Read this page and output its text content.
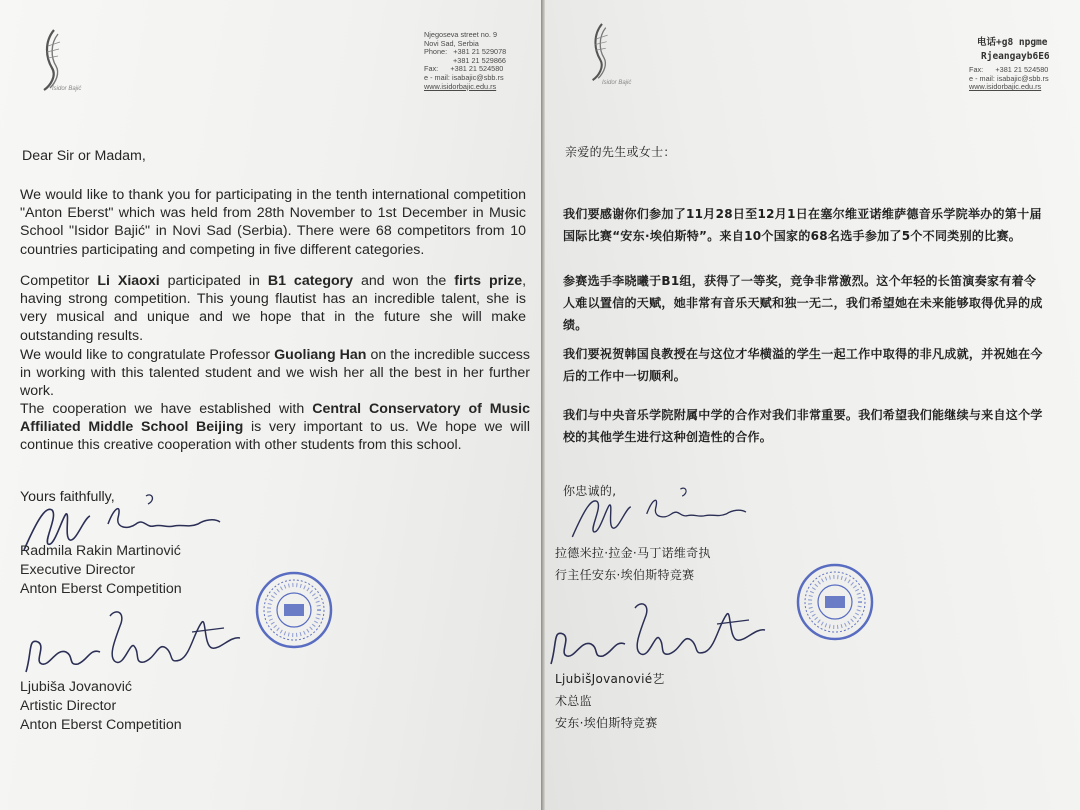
Isidor Bajić
Njegoseva street no. 9
Novi Sad, Serbia
Phone: +381 21 529078
+381 21 529866
Fax: +381 21 524580
e - mail: isabajic@sbb.rs
www.isidorbajic.edu.rs
Dear Sir or Madam,
We would like to thank you for participating in the tenth international competition "Anton Eberst" which was held from 28th November to 1st December in Music School "Isidor Bajić" in Novi Sad (Serbia). There were 68 competitors from 10 countries participating and competing in five different categories.
Competitor Li Xiaoxi participated in B1 category and won the firts prize, having strong competition. This young flautist has an incredible talent, she is very musical and unique and we hope that in the future she will make outstanding results.
We would like to congratulate Professor Guoliang Han on the incredible success in working with this talented student and we wish her all the best in her further work.
The cooperation we have established with Central Conservatory of Music Affiliated Middle School Beijing is very important to us. We hope we will continue this creative cooperation with other students from this school.
Yours faithfully,
Radmila Rakin Martinović
Executive Director
Anton Eberst Competition
Ljubiša Jovanović
Artistic Director
Anton Eberst Competition
Isidor Bajić
电话+g8 npgme
Rjeangayb6E6
Fax: +381 21 524580
e - mail: isabajic@sbb.rs
www.isidorbajic.edu.rs
亲爱的先生或女士：
我们要感谢你们参加了11月28日至12月1日在塞尔维亚诺维萨德音乐学院举办的第十届
国际比赛“安东·埃伯斯特”。来自10个国家的68名选手参加了5个不同类别的比赛。
参赛选手李晓曦于B1组，获得了一等奖，竞争非常激烈。这个年轻的长笛演奏家有着令
人难以置信的天赋，她非常有音乐天赋和独一无二，我们希望她在未来能够取得优异的成
绩。
我们要祝贺韩国良教授在与这位才华横溢的学生一起工作中取得的非凡成就，并祝她在今
后的工作中一切顺利。
我们与中央音乐学院附属中学的合作对我们非常重要。我们希望我们能继续与来自这个学
校的其他学生进行这种创造性的合作。
你忠诚的,
拉德米拉·拉金·马丁诺维奇执
行主任安东·埃伯斯特竞赛
LjubišJovanovié艺
术总监
安东·埃伯斯特竞赛
